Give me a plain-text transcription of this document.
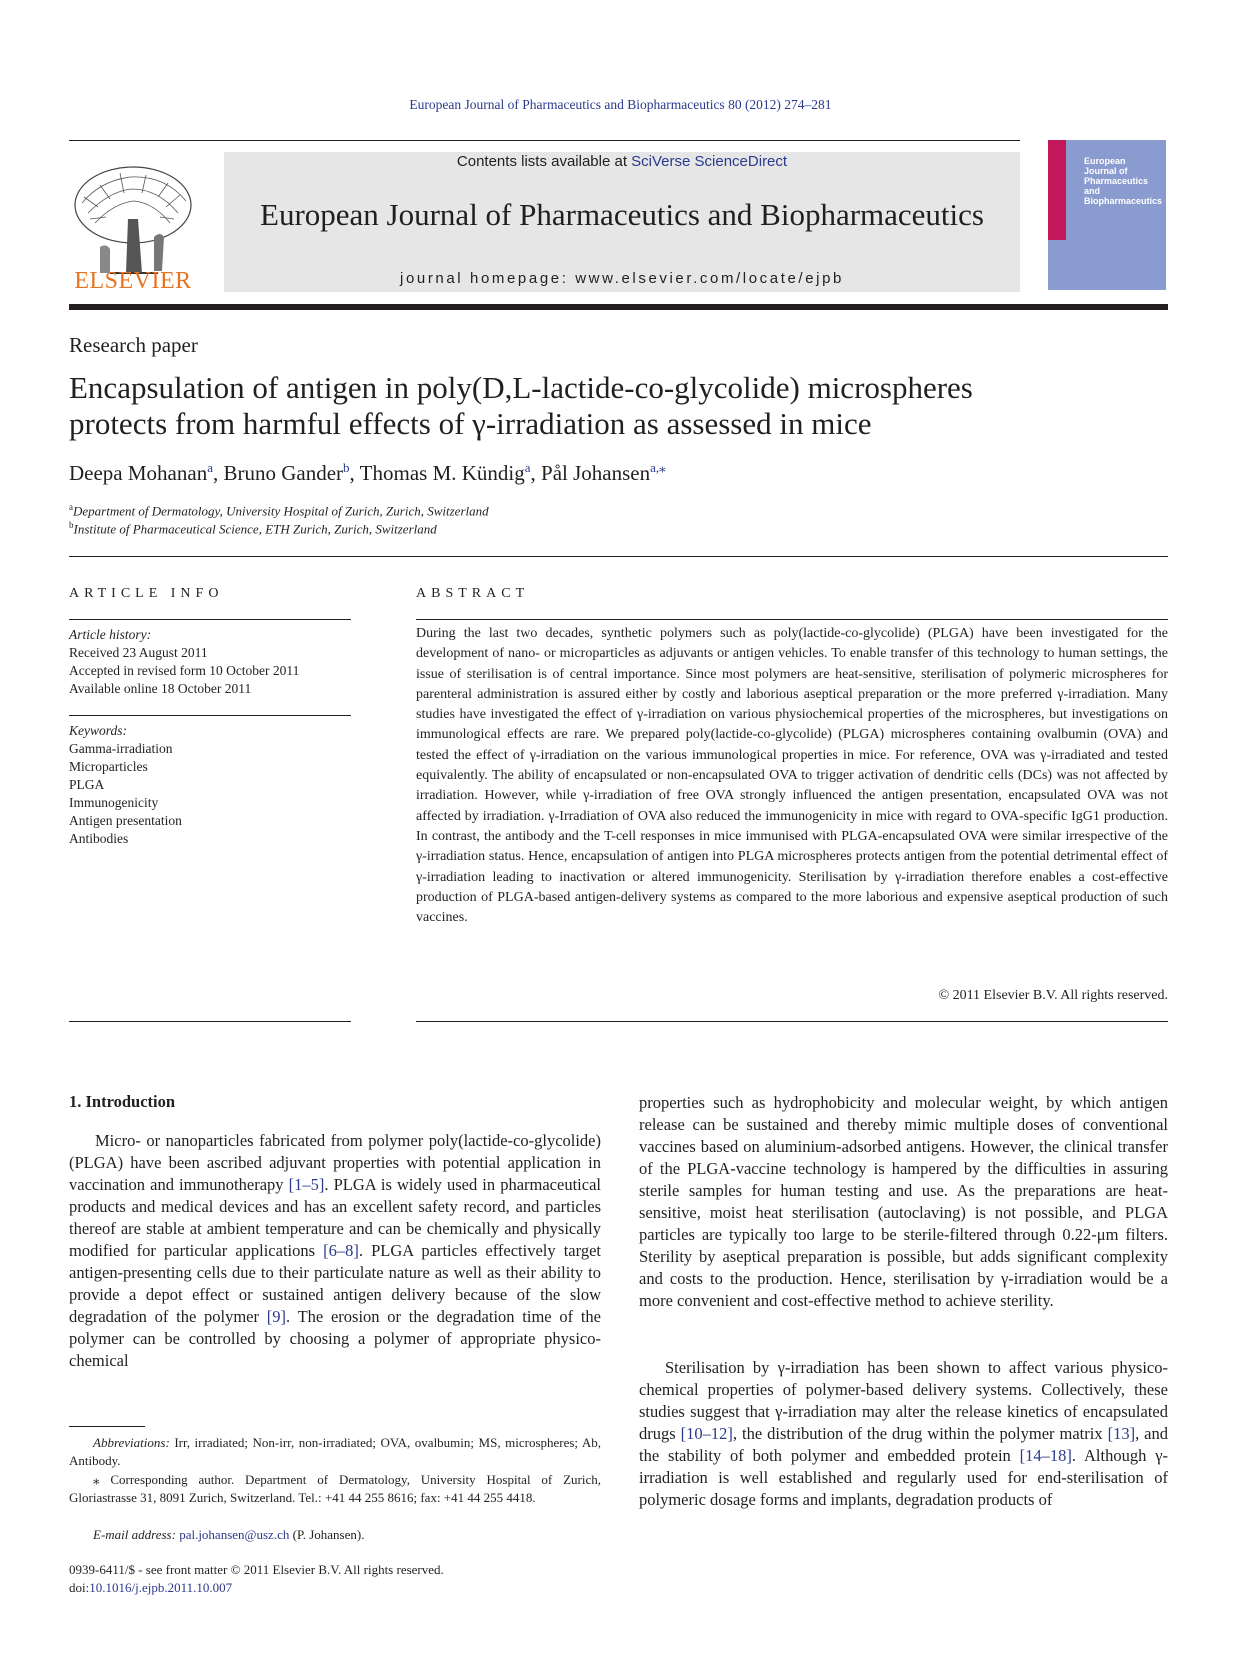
European Journal of Pharmaceutics and Biopharmaceutics 80 (2012) 274–281
ELSEVIER
Contents lists available at SciVerse ScienceDirect
European Journal of Pharmaceutics and Biopharmaceutics
journal homepage: www.elsevier.com/locate/ejpb
European
Journal of
Pharmaceutics and
Biopharmaceutics
Research paper
Encapsulation of antigen in poly(D,L-lactide-co-glycolide) microspheres
protects from harmful effects of γ-irradiation as assessed in mice
Deepa Mohanan$^a$, Bruno Gander$^b$, Thomas M. Kündig$^a$, Pål Johansen$^{a,⁎}$
$^a$Department of Dermatology, University Hospital of Zurich, Zurich, Switzerland
$^b$Institute of Pharmaceutical Science, ETH Zurich, Zurich, Switzerland
ARTICLE INFO
Article history:
Received 23 August 2011
Accepted in revised form 10 October 2011
Available online 18 October 2011
Keywords:
Gamma-irradiation
Microparticles
PLGA
Immunogenicity
Antigen presentation
Antibodies
ABSTRACT
During the last two decades, synthetic polymers such as poly(lactide-co-glycolide) (PLGA) have been investigated for the development of nano- or microparticles as adjuvants or antigen vehicles. To enable transfer of this technology to human settings, the issue of sterilisation is of central importance. Since most polymers are heat-sensitive, sterilisation of polymeric microspheres for parenteral administration is assured either by costly and laborious aseptical preparation or the more preferred γ-irradiation. Many studies have investigated the effect of γ-irradiation on various physiochemical properties of the microspheres, but investigations on immunological effects are rare. We prepared poly(lactide-co-glycolide) (PLGA) microspheres containing ovalbumin (OVA) and tested the effect of γ-irradiation on the various immunological properties in mice. For reference, OVA was γ-irradiated and tested equivalently. The ability of encapsulated or non-encapsulated OVA to trigger activation of dendritic cells (DCs) was not affected by irradiation. However, while γ-irradiation of free OVA strongly influenced the antigen presentation, encapsulated OVA was not affected by irradiation. γ-Irradiation of OVA also reduced the immunogenicity in mice with regard to OVA-specific IgG1 production. In contrast, the antibody and the T-cell responses in mice immunised with PLGA-encapsulated OVA were similar irrespective of the γ-irradiation status. Hence, encapsulation of antigen into PLGA microspheres protects antigen from the potential detrimental effect of γ-irradiation leading to inactivation or altered immunogenicity. Sterilisation by γ-irradiation therefore enables a cost-effective production of PLGA-based antigen-delivery systems as compared to the more laborious and expensive aseptical production of such vaccines.
© 2011 Elsevier B.V. All rights reserved.
1. Introduction
Micro- or nanoparticles fabricated from polymer poly(lactide-co-glycolide) (PLGA) have been ascribed adjuvant properties with potential application in vaccination and immunotherapy [1–5]. PLGA is widely used in pharmaceutical products and medical devices and has an excellent safety record, and particles thereof are stable at ambient temperature and can be chemically and physically modified for particular applications [6–8]. PLGA particles effectively target antigen-presenting cells due to their particulate nature as well as their ability to provide a depot effect or sustained antigen delivery because of the slow degradation of the polymer [9]. The erosion or the degradation time of the polymer can be controlled by choosing a polymer of appropriate physico-chemical
properties such as hydrophobicity and molecular weight, by which antigen release can be sustained and thereby mimic multiple doses of conventional vaccines based on aluminium-adsorbed antigens. However, the clinical transfer of the PLGA-vaccine technology is hampered by the difficulties in assuring sterile samples for human testing and use. As the preparations are heat-sensitive, moist heat sterilisation (autoclaving) is not possible, and PLGA particles are typically too large to be sterile-filtered through 0.22-μm filters. Sterility by aseptical preparation is possible, but adds significant complexity and costs to the production. Hence, sterilisation by γ-irradiation would be a more convenient and cost-effective method to achieve sterility.
Sterilisation by γ-irradiation has been shown to affect various physico-chemical properties of polymer-based delivery systems. Collectively, these studies suggest that γ-irradiation may alter the release kinetics of encapsulated drugs [10–12], the distribution of the drug within the polymer matrix [13], and the stability of both polymer and embedded protein [14–18]. Although γ-irradiation is well established and regularly used for end-sterilisation of polymeric dosage forms and implants, degradation products of
Abbreviations: Irr, irradiated; Non-irr, non-irradiated; OVA, ovalbumin; MS, microspheres; Ab, Antibody.
⁎ Corresponding author. Department of Dermatology, University Hospital of Zurich, Gloriastrasse 31, 8091 Zurich, Switzerland. Tel.: +41 44 255 8616; fax: +41 44 255 4418.
E-mail address: pal.johansen@usz.ch (P. Johansen).
0939-6411/$ - see front matter © 2011 Elsevier B.V. All rights reserved.
doi:10.1016/j.ejpb.2011.10.007
